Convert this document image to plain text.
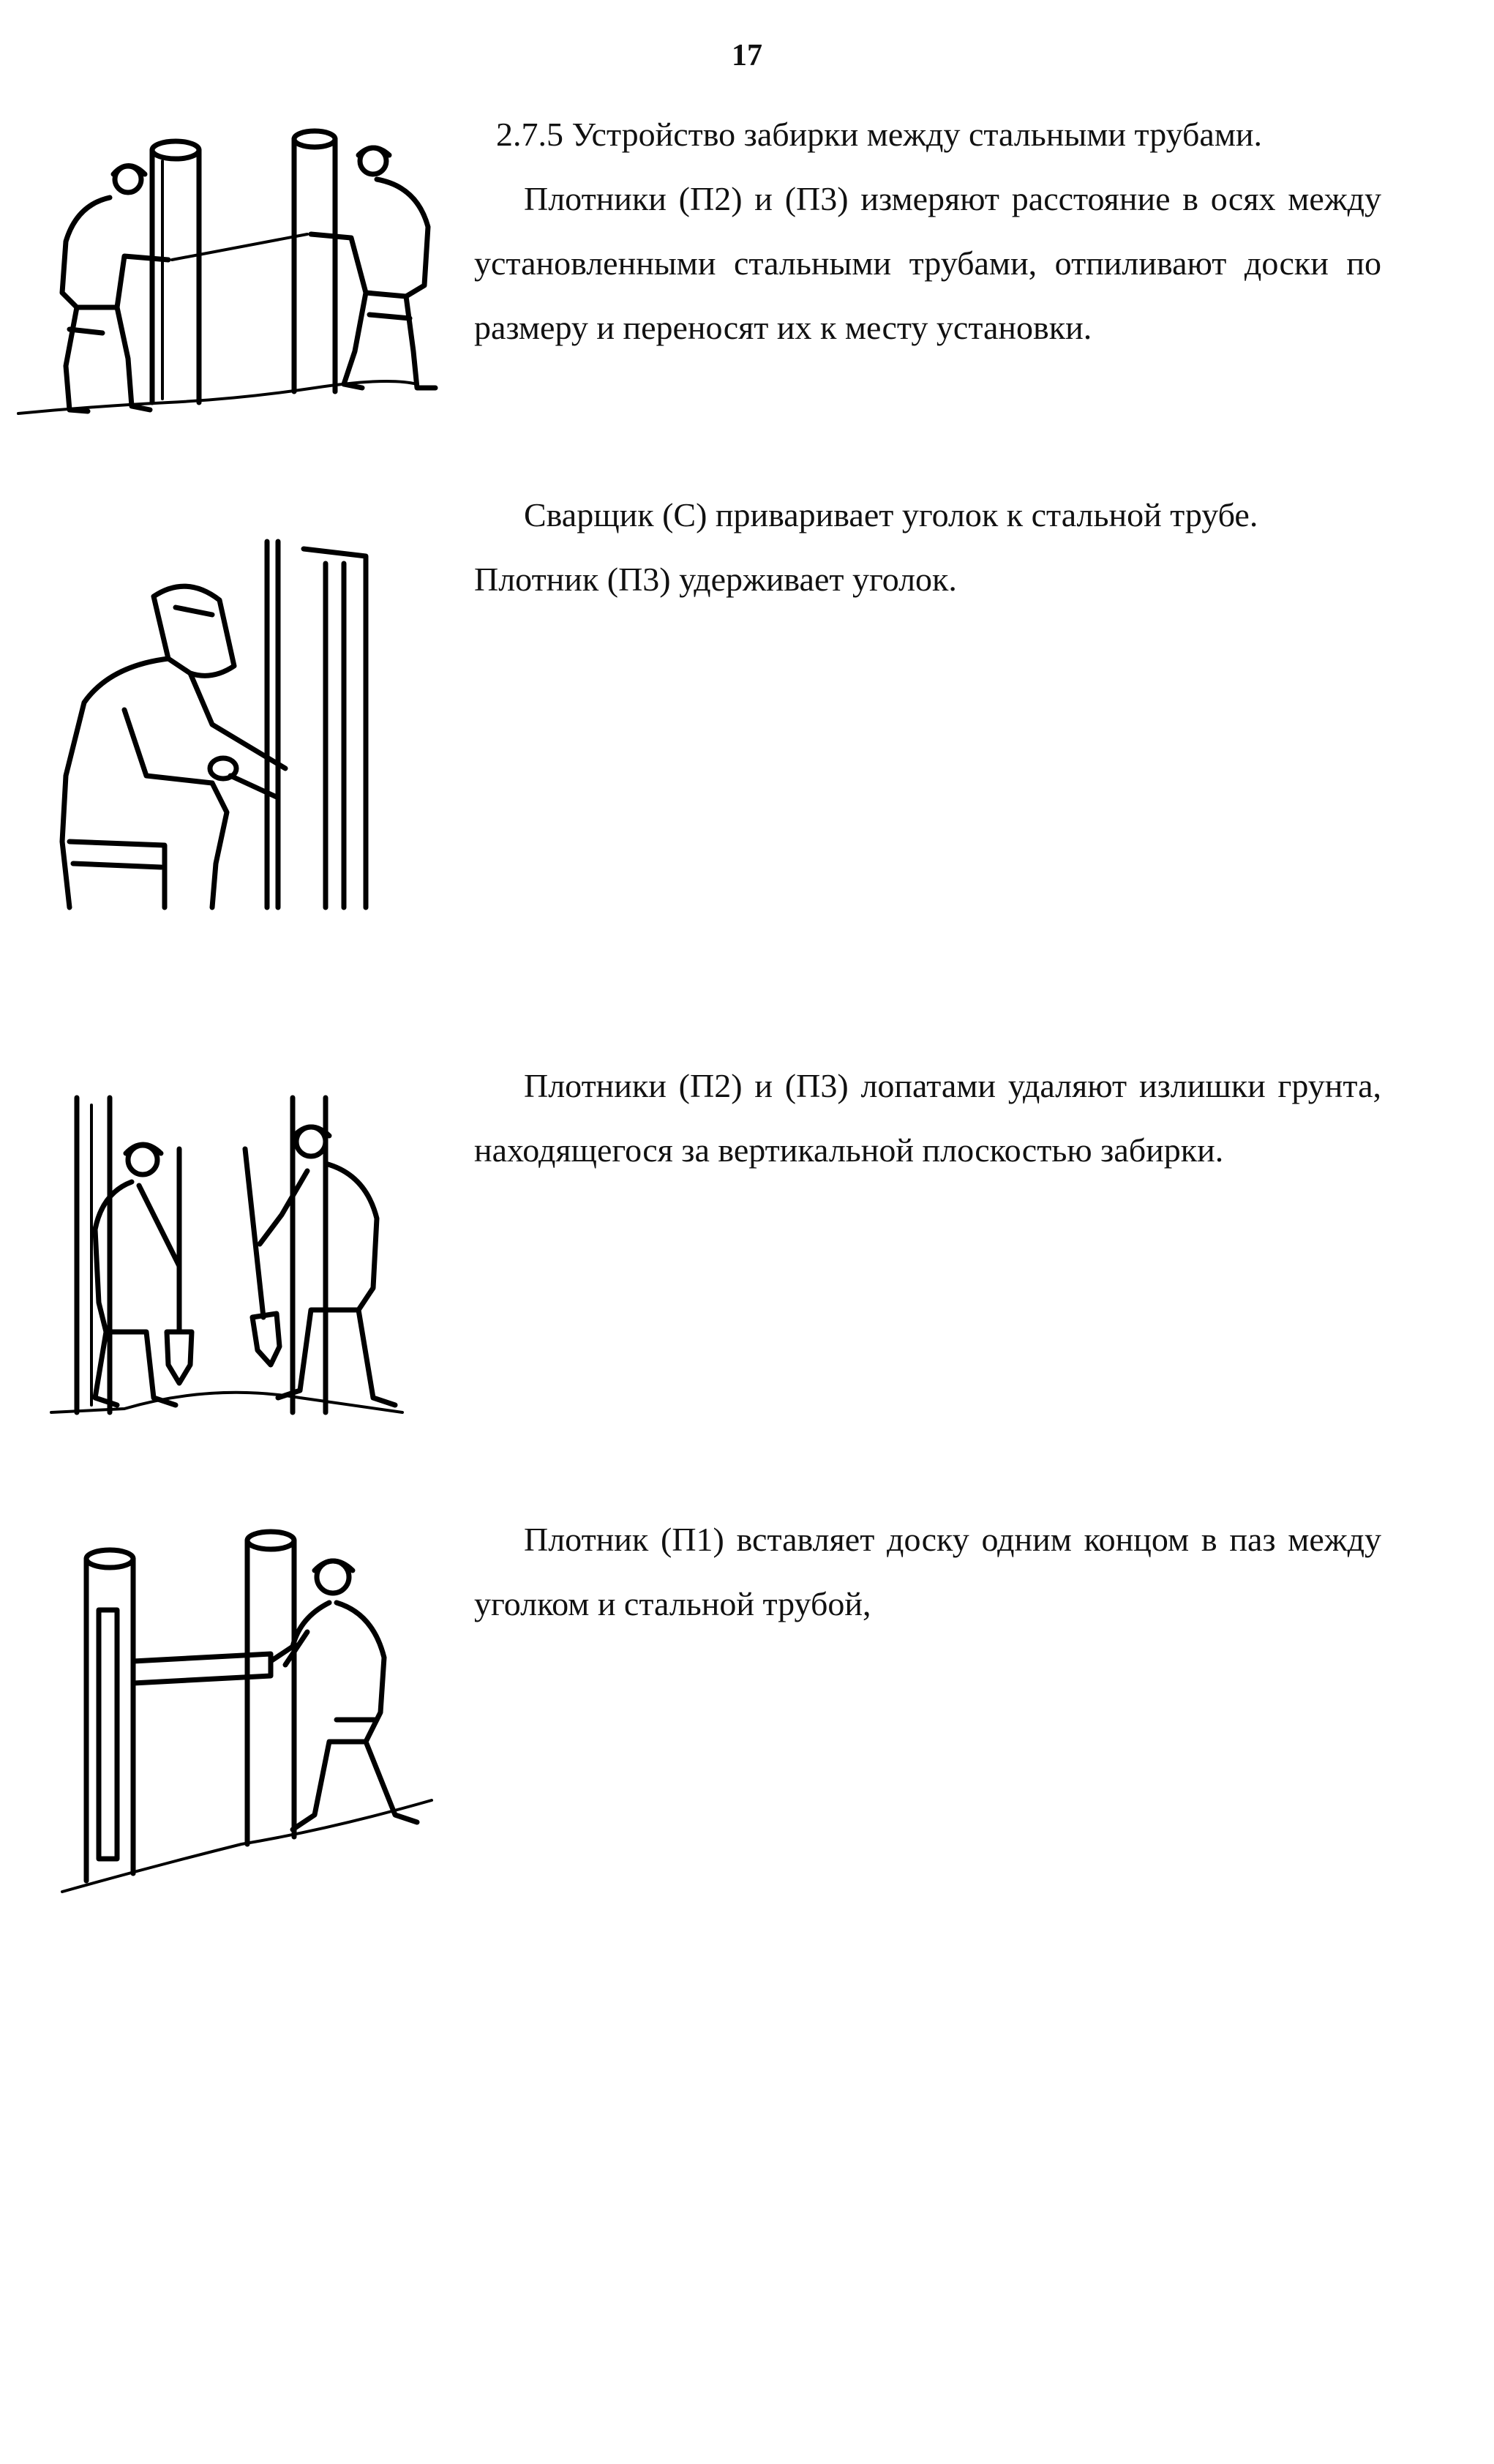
17

2.7.5 Устройство забирки между стальными трубами.

Плотники (П2) и (П3) измеряют расстояние в осях между установленными стальными трубами, отпиливают доски по размеру и переносят их к месту установки.

Сварщик (С) приваривает уголок к стальной трубе.

Плотник (П3) удерживает уголок.

Плотники (П2) и (П3) лопатами удаляют излишки грунта, находящегося за вертикальной плоскостью забирки.

Плотник (П1) вставляет доску одним концом в паз между уголком и стальной трубой,
